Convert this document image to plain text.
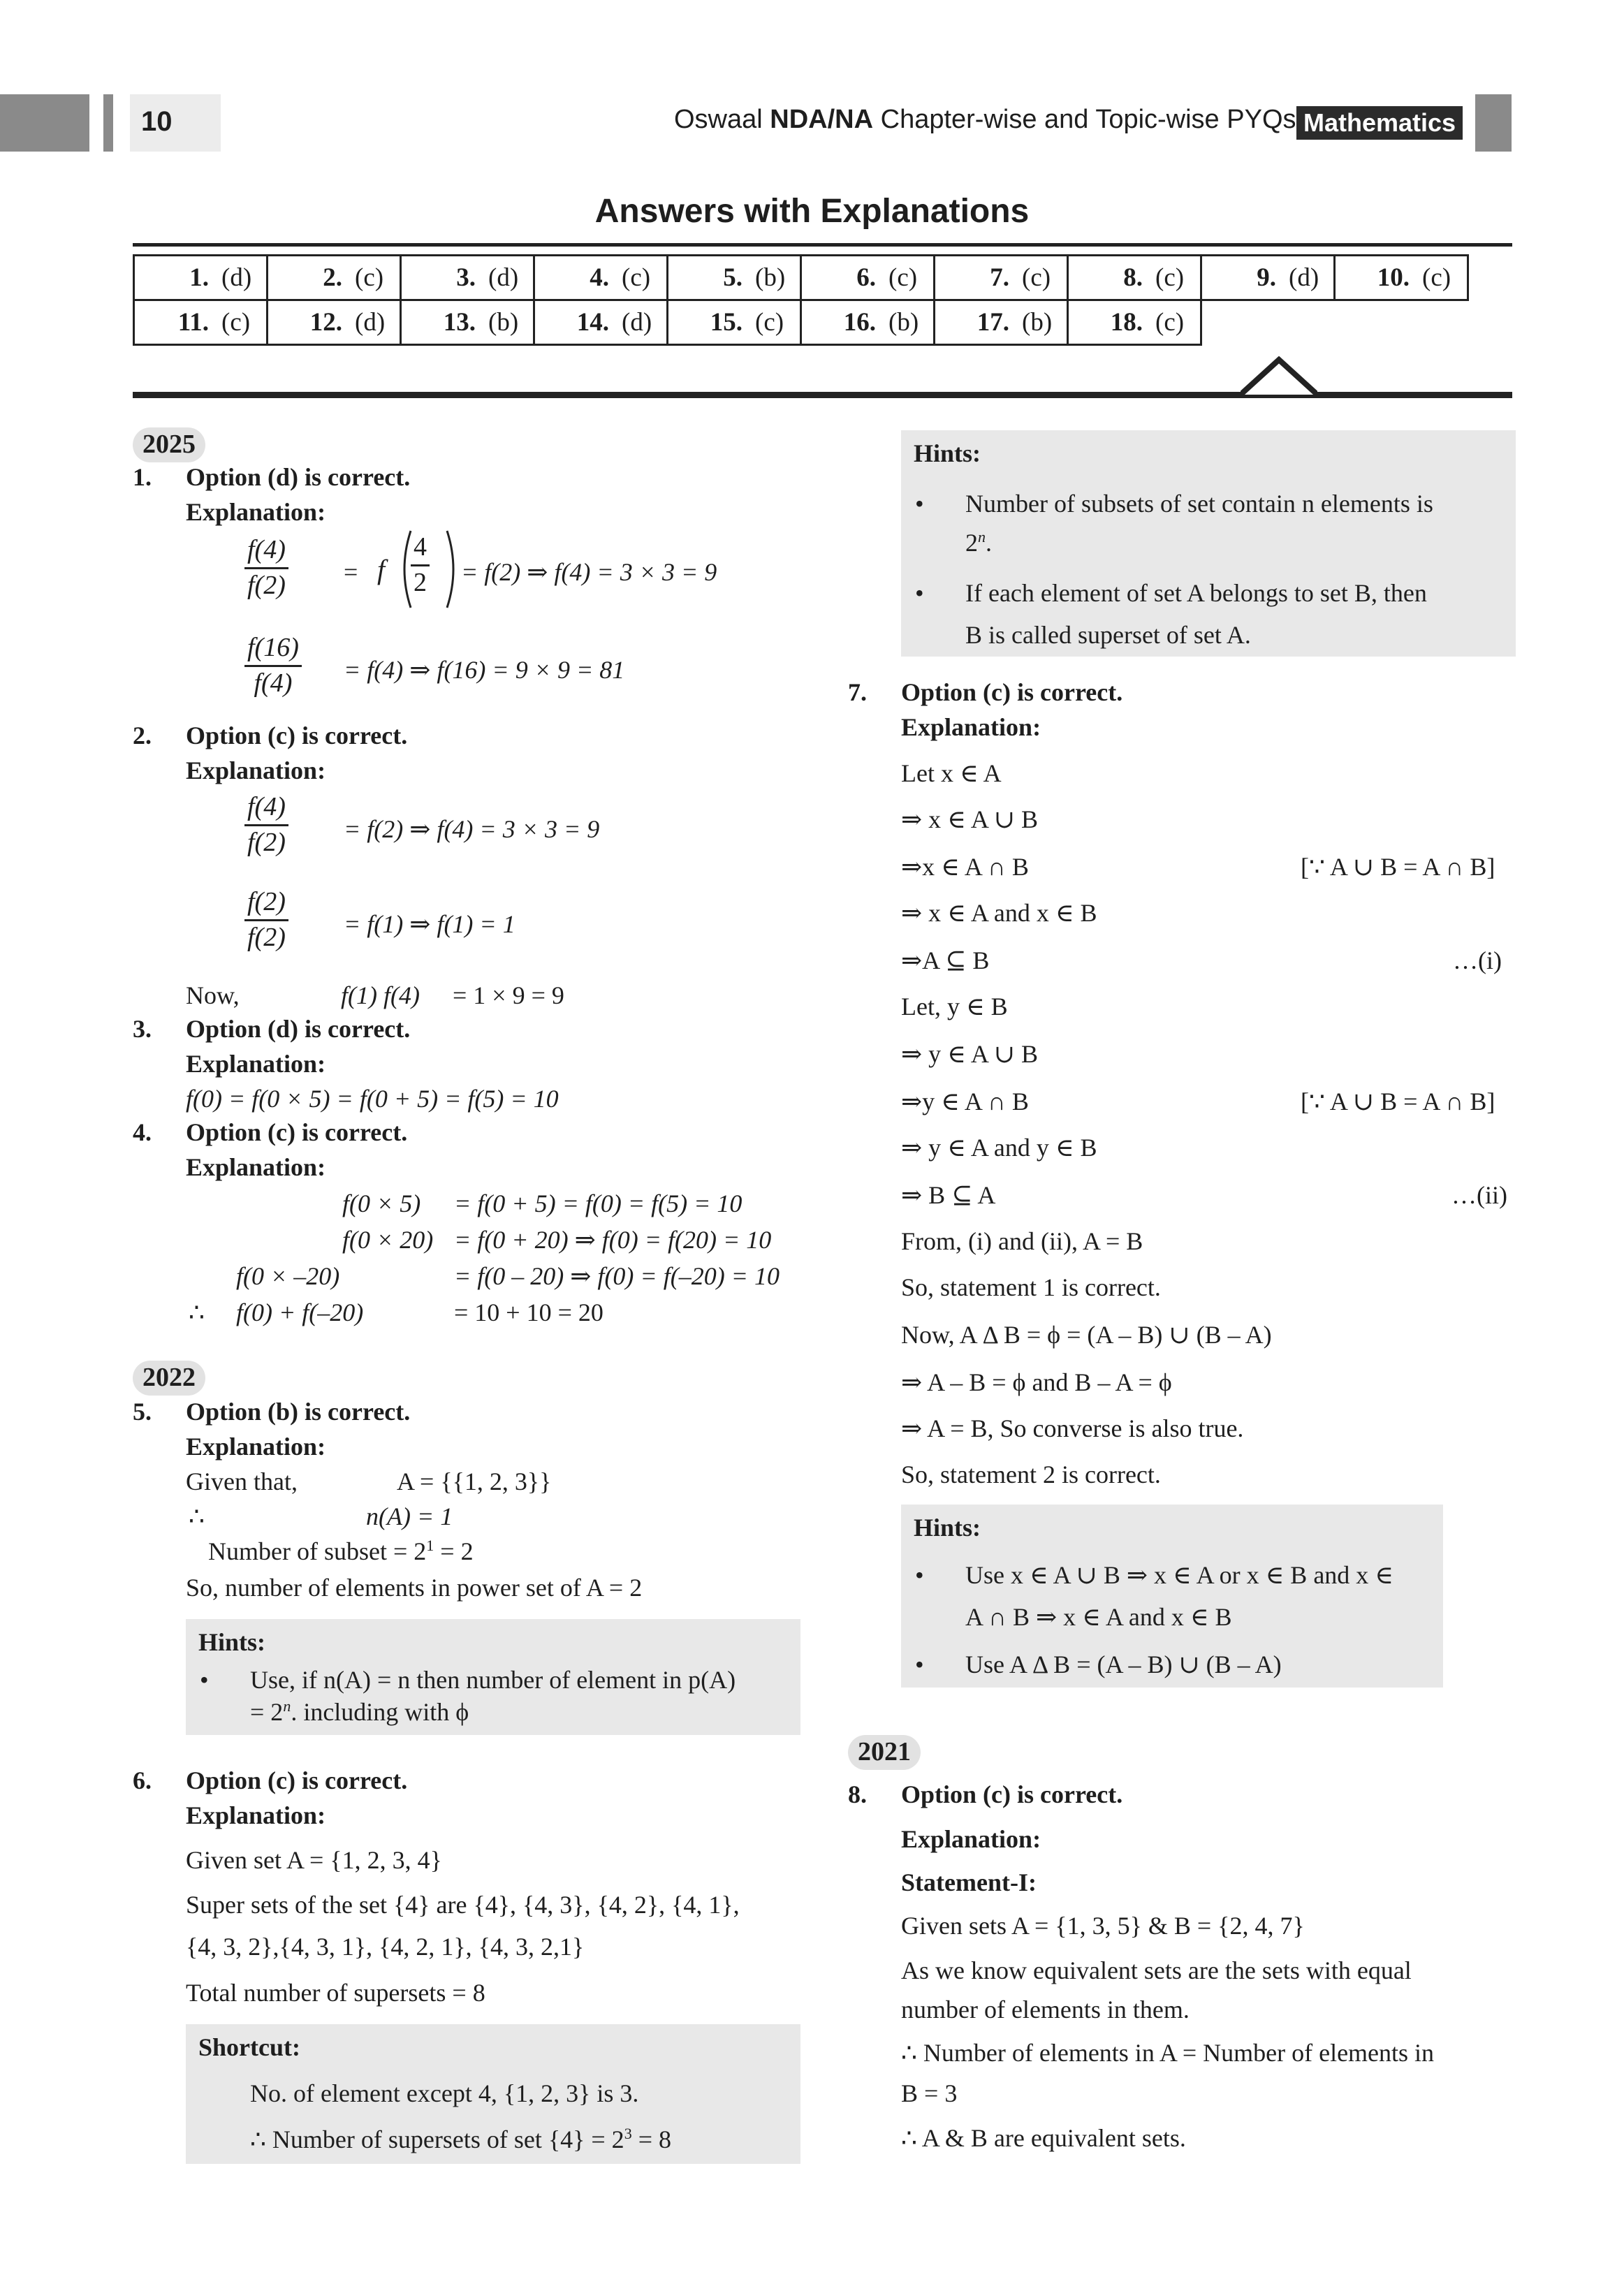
10	Oswaal NDA/NA Chapter-wise and Topic-wise PYQs Mathematics
Answers with Explanations
1. (d)	2. (c)	3. (d)	4. (c)	5. (b)	6. (c)	7. (c)	8. (c)	9. (d)	10. (c)
11. (c)	12. (d)	13. (b)	14. (d)	15. (c)	16. (b)	17. (b)	18. (c)		
2025
1. Option (d) is correct.
Explanation:
$\frac{f(4)}{f(2)} = f \frac{4}{2} = f(2)$ ⇒ f(4) = 3 × 3 = 9
$\frac{f(16)}{f(4)} = f(4)$ ⇒ f(16) = 9 × 9 = 81
2. Option (c) is correct.
Explanation:
$\frac{f(4)}{f(2)} = f(2)$ ⇒ f(4) = 3 × 3 = 9
$\frac{f(2)}{f(2)} = f(1)$ ⇒ f(1) = 1
Now,	f(1) f(4) = 1 × 9 = 9
3. Option (d) is correct.
Explanation:
f(0) = f(0 × 5) = f(0 + 5) = f(5) = 10
4. Option (c) is correct.
Explanation:
f(0 × 5) = f(0 + 5) = f(0) = f(5) = 10
f(0 × 20) = f(0 + 20) ⇒ f(0) = f(20) = 10
f(0 × –20)	= f(0 – 20) ⇒ f(0) = f(–20) = 10
∴ f(0) + f(–20)	= 10 + 10 = 20
2022
5. Option (b) is correct.
Explanation:
Given that,	A = {{1, 2, 3}}
∴	n(A) = 1
Number of subset = $2^1 = 2$
So, number of elements in power set of A = 2
Hints:
• Use, if n(A) = n then number of element in p(A)
= $2^n$. including with ϕ
6. Option (c) is correct.
Explanation:
Given set A = {1, 2, 3, 4}
Super sets of the set {4} are {4}, {4, 3}, {4, 2}, {4, 1},
{4, 3, 2},{4, 3, 1}, {4, 2, 1}, {4, 3, 2,1}
Total number of supersets = 8
Shortcut:
No. of element except 4, {1, 2, 3} is 3.
∴ Number of supersets of set $\{4\} = 2^3 = 8$
Hints:
• Number of subsets of set contain n elements is
2$^n$.
• If each element of set A belongs to set B, then
B is called superset of set A.
7. Option (c) is correct.
Explanation:
Let x ∈ A
⇒ x ∈ A ∪ B
⇒x ∈ A ∩ B	[∵ A ∪ B = A ∩ B]
⇒ x ∈ A and x ∈ B
⇒A ⊆ B	…(i)
Let, y ∈ B
⇒ y ∈ A ∪ B
⇒y ∈ A ∩ B	[∵ A ∪ B = A ∩ B]
⇒ y ∈ A and y ∈ B
⇒ B ⊆ A	…(ii)
From, (i) and (ii), A = B
So, statement 1 is correct.
Now, A Δ B = ϕ = (A – B) ∪ (B – A)
⇒ A – B = ϕ and B – A = ϕ
⇒ A = B, So converse is also true.
So, statement 2 is correct.
Hints:
• Use x ∈ A ∪ B ⇒ x ∈ A or x ∈ B and x ∈
A ∩ B ⇒ x ∈ A and x ∈ B
• Use A Δ B = (A – B) ∪ (B – A)
2021
8. Option (c) is correct.
Explanation:
Statement-I:
Given sets A = {1, 3, 5} & B = {2, 4, 7}
As we know equivalent sets are the sets with equal
number of elements in them.
∴ Number of elements in A = Number of elements in
B = 3
∴ A & B are equivalent sets.
